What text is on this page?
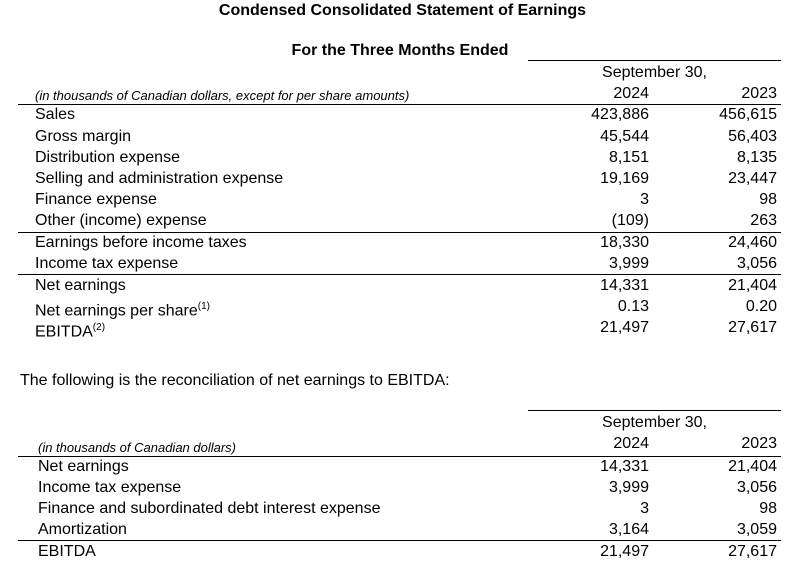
Condensed Consolidated Statement of Earnings
For the Three Months Ended
September 30,
2024	2023
(in thousands of Canadian dollars, except for per share amounts)
Sales	423,886	456,615
Gross margin	45,544	56,403
Distribution expense	8,151	8,135
Selling and administration expense	19,169	23,447
Finance expense	3	98
Other (income) expense	(109)	263
Earnings before income taxes	18,330	24,460
Income tax expense	3,999	3,056
Net earnings	14,331	21,404
Net earnings per share$^{(1)}$	0.13	0.20
EBITDA$^{(2)}$	21,497	27,617
The following is the reconciliation of net earnings to EBITDA:
September 30,
2024	2023
(in thousands of Canadian dollars)
Net earnings	14,331	21,404
Income tax expense	3,999	3,056
Finance and subordinated debt interest expense	3	98
Amortization	3,164	3,059
EBITDA	21,497	27,617
